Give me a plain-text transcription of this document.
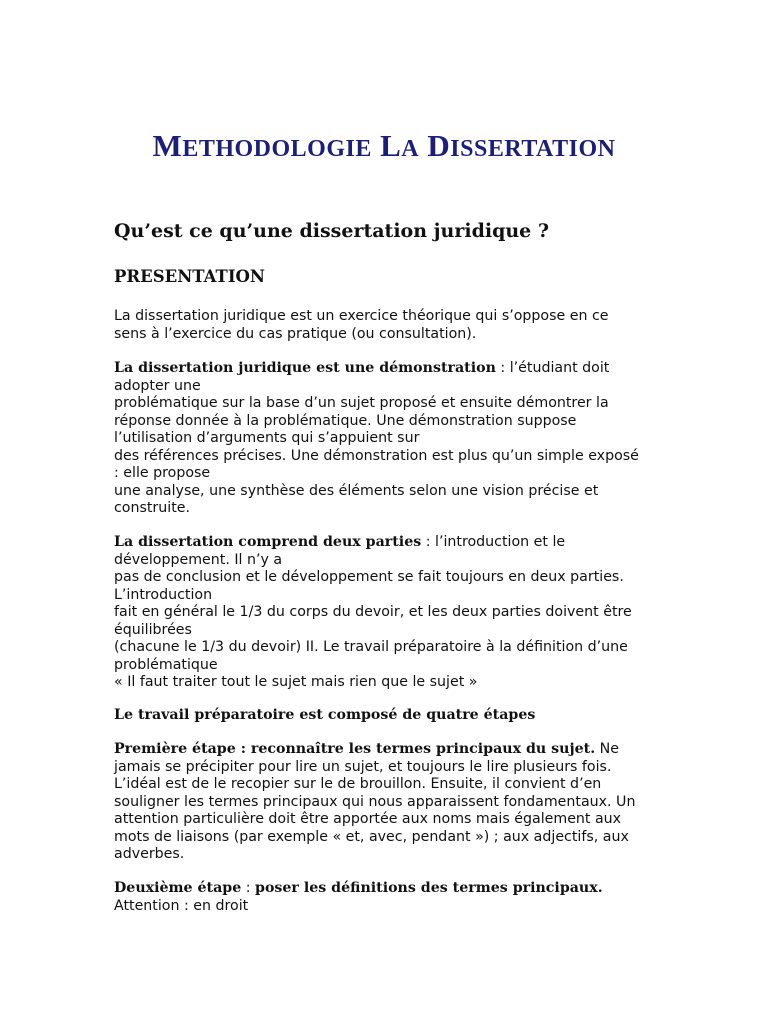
METHODOLOGIE LA DISSERTATION
Qu’est ce qu’une dissertation juridique ?
PRESENTATION
La dissertation juridique est un exercice théorique qui s’oppose en ce
sens à l’exercice du cas pratique (ou consultation).
La dissertation juridique est une démonstration : l’étudiant doit
adopter une
problématique sur la base d’un sujet proposé et ensuite démontrer la
réponse donnée à la problématique. Une démonstration suppose
l’utilisation d’arguments qui s’appuient sur
des références précises. Une démonstration est plus qu’un simple exposé
: elle propose
une analyse, une synthèse des éléments selon une vision précise et
construite.
La dissertation comprend deux parties : l’introduction et le
développement. Il n’y a
pas de conclusion et le développement se fait toujours en deux parties.
L’introduction
fait en général le 1/3 du corps du devoir, et les deux parties doivent être
équilibrées
(chacune le 1/3 du devoir) II. Le travail préparatoire à la définition d’une
problématique
« Il faut traiter tout le sujet mais rien que le sujet »
Le travail préparatoire est composé de quatre étapes
Première étape : reconnaître les termes principaux du sujet. Ne
jamais se précipiter pour lire un sujet, et toujours le lire plusieurs fois.
L’idéal est de le recopier sur le de brouillon. Ensuite, il convient d’en
souligner les termes principaux qui nous apparaissent fondamentaux. Un
attention particulière doit être apportée aux noms mais également aux
mots de liaisons (par exemple « et, avec, pendant ») ; aux adjectifs, aux
adverbes.
Deuxième étape : poser les définitions des termes principaux.
Attention : en droit
